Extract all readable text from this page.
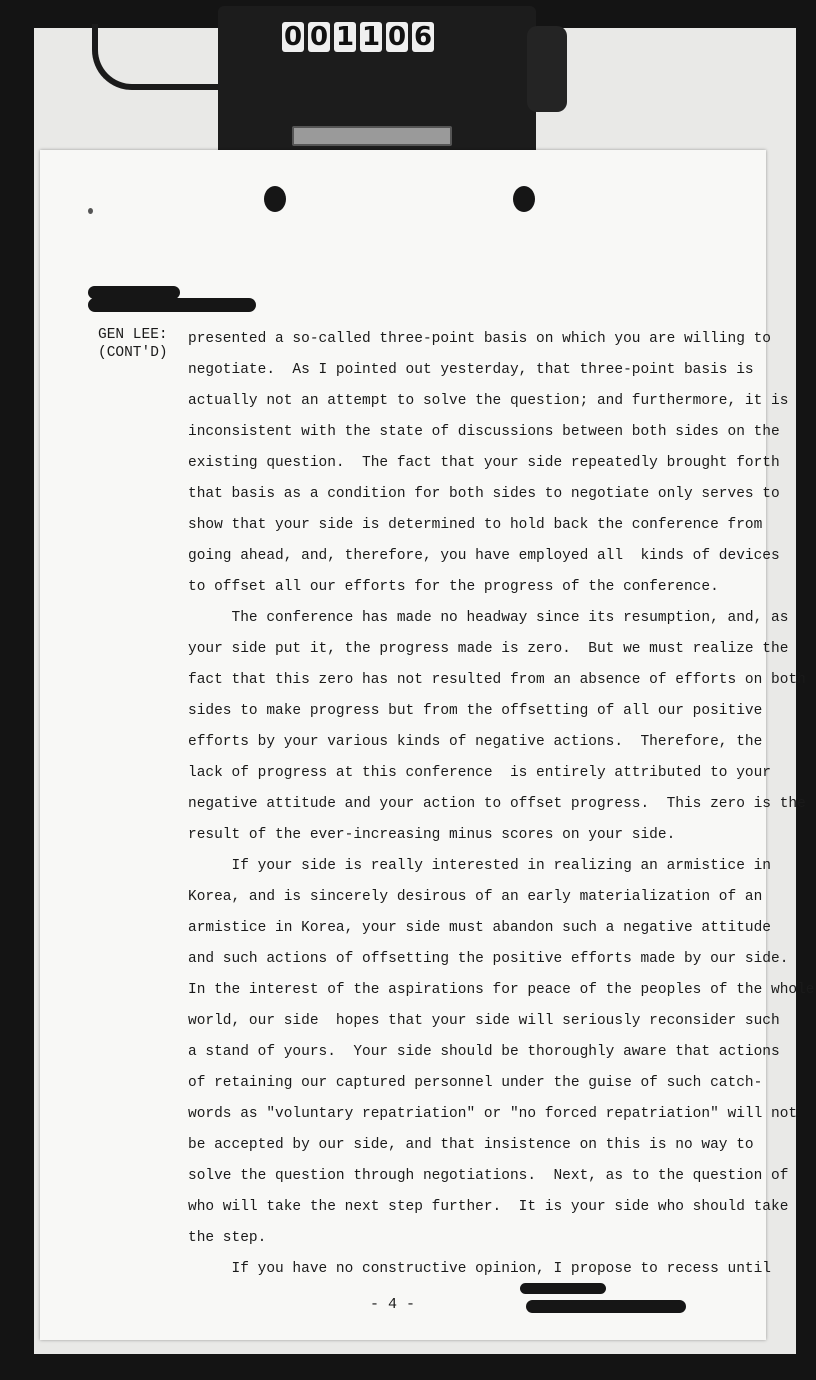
0 0 1 1 0 6
GEN LEE:
(CONT'D)
presented a so-called three-point basis on which you are willing to
negotiate.  As I pointed out yesterday, that three-point basis is
actually not an attempt to solve the question; and furthermore, it is
inconsistent with the state of discussions between both sides on the
existing question.  The fact that your side repeatedly brought forth
that basis as a condition for both sides to negotiate only serves to
show that your side is determined to hold back the conference from
going ahead, and, therefore, you have employed all  kinds of devices
to offset all our efforts for the progress of the conference.
The conference has made no headway since its resumption, and, as
your side put it, the progress made is zero.  But we must realize the
fact that this zero has not resulted from an absence of efforts on both
sides to make progress but from the offsetting of all our positive
efforts by your various kinds of negative actions.  Therefore, the
lack of progress at this conference  is entirely attributed to your
negative attitude and your action to offset progress.  This zero is the
result of the ever-increasing minus scores on your side.
If your side is really interested in realizing an armistice in
Korea, and is sincerely desirous of an early materialization of an
armistice in Korea, your side must abandon such a negative attitude
and such actions of offsetting the positive efforts made by our side.
In the interest of the aspirations for peace of the peoples of the whole
world, our side  hopes that your side will seriously reconsider such
a stand of yours.  Your side should be thoroughly aware that actions
of retaining our captured personnel under the guise of such catch-
words as "voluntary repatriation" or "no forced repatriation" will not
be accepted by our side, and that insistence on this is no way to
solve the question through negotiations.  Next, as to the question of
who will take the next step further.  It is your side who should take
the step.
If you have no constructive opinion, I propose to recess until
- 4 -
